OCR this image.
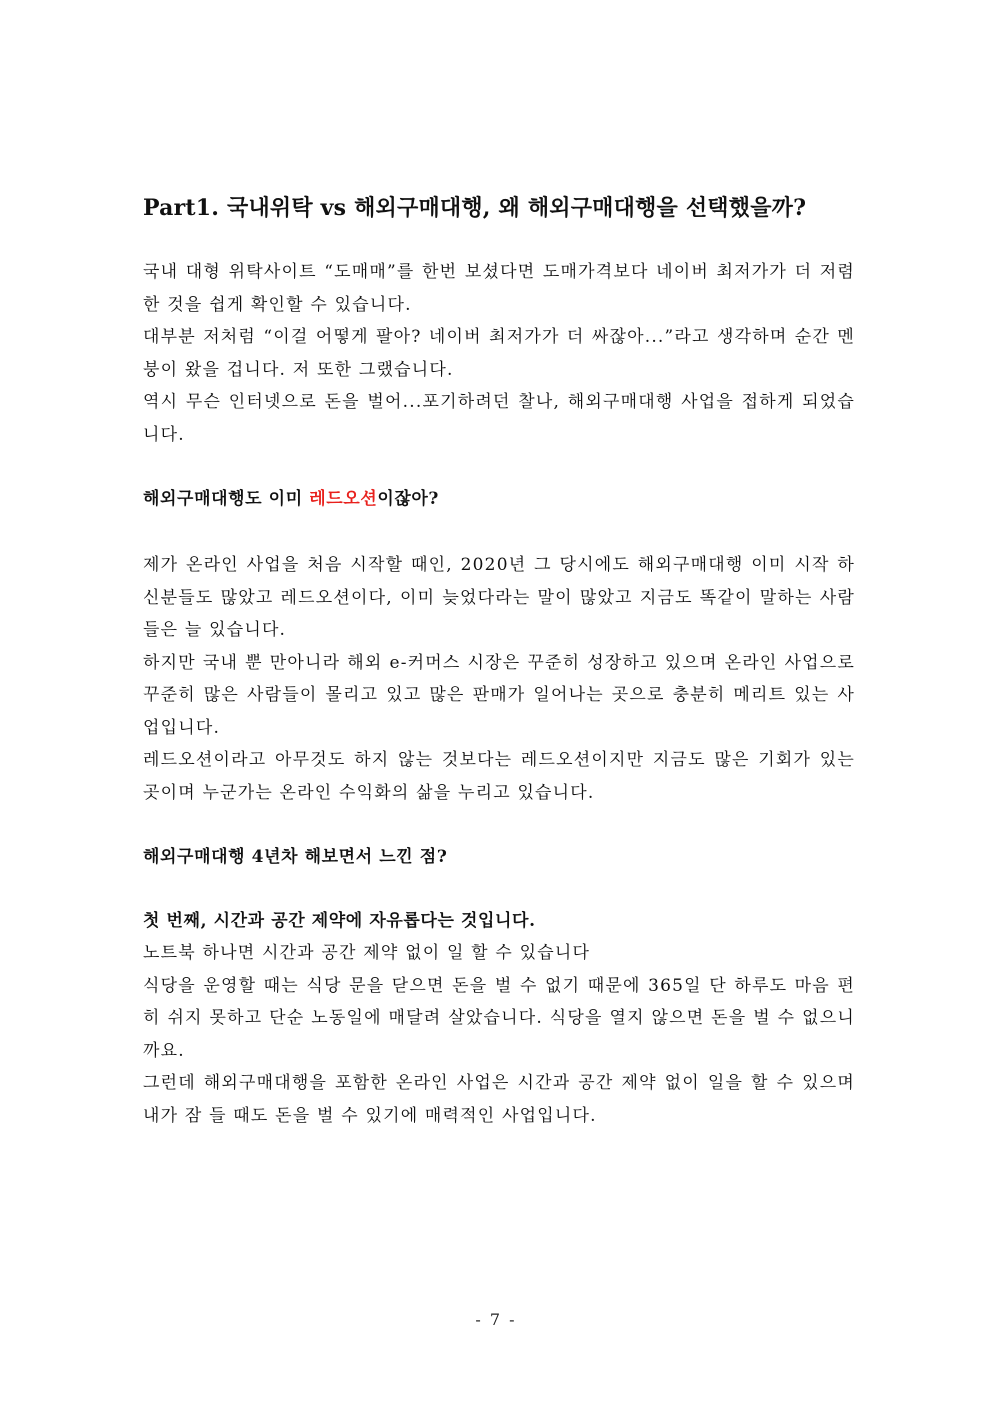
Part1. 국내위탁 vs 해외구매대행, 왜 해외구매대행을 선택했을까?

국내 대형 위탁사이트 “도매매”를 한번 보셨다면 도매가격보다 네이버 최저가가 더 저렴한 것을 쉽게 확인할 수 있습니다.

대부분 저처럼 “이걸 어떻게 팔아? 네이버 최저가가 더 싸잖아...”라고 생각하며 순간 멘붕이 왔을 겁니다. 저 또한 그랬습니다.

역시 무슨 인터넷으로 돈을 벌어...포기하려던 찰나, 해외구매대행 사업을 접하게 되었습니다.

해외구매대행도 이미 레드오션이잖아?

제가 온라인 사업을 처음 시작할 때인, 2020년 그 당시에도 해외구매대행 이미 시작 하신분들도 많았고 레드오션이다, 이미 늦었다라는 말이 많았고 지금도 똑같이 말하는 사람들은 늘 있습니다.

하지만 국내 뿐 만아니라 해외 e-커머스 시장은 꾸준히 성장하고 있으며 온라인 사업으로 꾸준히 많은 사람들이 몰리고 있고 많은 판매가 일어나는 곳으로 충분히 메리트 있는 사업입니다.

레드오션이라고 아무것도 하지 않는 것보다는 레드오션이지만 지금도 많은 기회가 있는 곳이며 누군가는 온라인 수익화의 삶을 누리고 있습니다.

해외구매대행 4년차 해보면서 느낀 점?
첫 번째, 시간과 공간 제약에 자유롭다는 것입니다.

노트북 하나면 시간과 공간 제약 없이 일 할 수 있습니다

식당을 운영할 때는 식당 문을 닫으면 돈을 벌 수 없기 때문에 365일 단 하루도 마음 편히 쉬지 못하고 단순 노동일에 매달려 살았습니다. 식당을 열지 않으면 돈을 벌 수 없으니까요.

그런데 해외구매대행을 포함한 온라인 사업은 시간과 공간 제약 없이 일을 할 수 있으며 내가 잠 들 때도 돈을 벌 수 있기에 매력적인 사업입니다.

- 7 -
